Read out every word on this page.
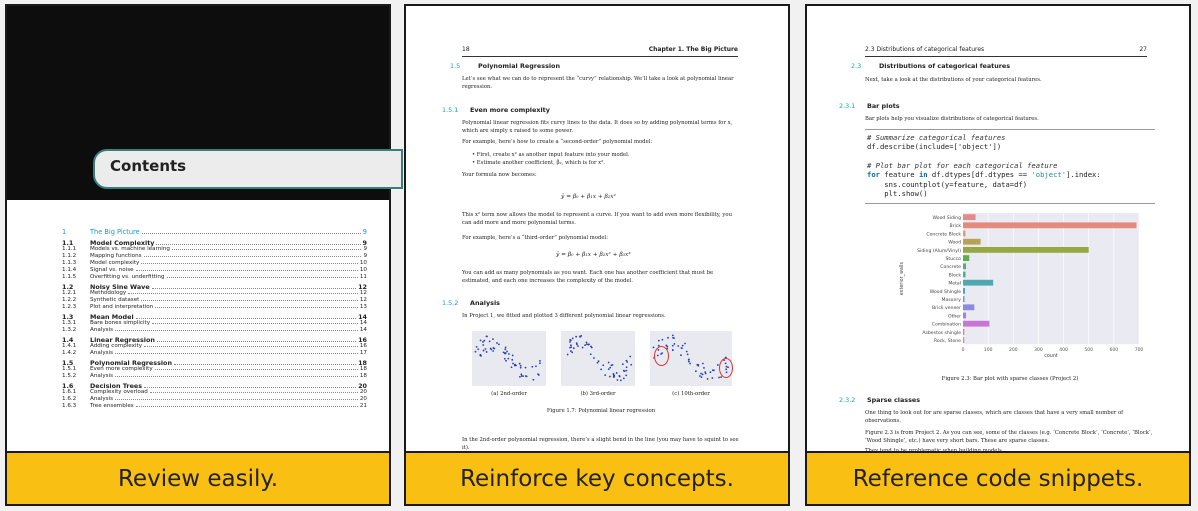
Contents
1	The Big Picture	9
1.1	Model Complexity	9
1.1.1	Models vs. machine learning	9
1.1.2	Mapping functions	9
1.1.3	Model complexity	10
1.1.4	Signal vs. noise	10
1.1.5	Overfitting vs. underfitting	11
1.2	Noisy Sine Wave	12
1.2.1	Methodology	12
1.2.2	Synthetic dataset	12
1.2.3	Plot and interpretation	13
1.3	Mean Model	14
1.3.1	Bare bones simplicity	14
1.3.2	Analysis	14
1.4	Linear Regression	16
1.4.1	Adding complexity	16
1.4.2	Analysis	17
1.5	Polynomial Regression	18
1.5.1	Even more complexity	18
1.5.2	Analysis	18
1.6	Decision Trees	20
1.6.1	Complexity overload	20
1.6.2	Analysis	20
1.6.3	Tree ensembles	21
Review easily.
18	Chapter 1. The Big Picture
1.5	Polynomial Regression
Let’s see what we can do to represent the “curvy” relationship. We’ll take a look at polynomial linear regression.
1.5.1 Even more complexity
Polynomial linear regression fits curvy lines to the data. It does so by adding polynomial terms for x, which are simply x raised to some power.
For example, here’s how to create a “second-order” polynomial model:
• First, create x² as another input feature into your model.
• Estimate another coefficient, β₂, which is for x².
Your formula now becomes:
ŷ = β₀ + β₁x + β₂x²
This x² term now allows the model to represent a curve. If you want to add even more flexibility, you can add more and more polynomial terms.
For example, here’s a “third-order” polynomial model:
ŷ = β₀ + β₁x + β₂x² + β₃x³
You can add as many polynomials as you want. Each one has another coefficient that must be estimated, and each one increases the complexity of the model.
1.5.2 Analysis
In Project 1, we fitted and plotted 3 different polynomial linear regressions.
(a) 2nd-order	(b) 3rd-order	(c) 10th-order
Figure 1.7: Polynomial linear regression
In the 2nd-order polynomial regression, there’s a slight bend in the line (you may have to squint to see it).
Reinforce key concepts.
2.3 Distributions of categorical features	27
2.3	Distributions of categorical features
Next, take a look at the distributions of your categorical features.
2.3.1 Bar plots
Bar plots help you visualize distributions of categorical features.
# Summarize categorical features
df.describe(include=['object'])

# Plot bar plot for each categorical feature
for feature in df.dtypes[df.dtypes == 'object'].index:
sns.countplot(y=feature, data=df)
plt.show()
0	100	200	300	400	500	600	700
Wood Siding
Brick
Concrete Block
Wood
Siding (Alum/Vinyl)
Stucco
Concrete
Block
Metal
Wood Shingle
Masonry
Brick veneer
Other
Combination
Asbestos shingle
Rock, Stone
count
exterior_walls
Figure 2.3: Bar plot with sparse classes (Project 2)
2.3.2 Sparse classes
One thing to look out for are sparse classes, which are classes that have a very small number of observations.
Figure 2.3 is from Project 2. As you can see, some of the classes (e.g. ‘Concrete Block’, ‘Concrete’, ‘Block’, ‘Wood Shingle’, etc.) have very short bars. These are sparse classes.
Reference code snippets.
